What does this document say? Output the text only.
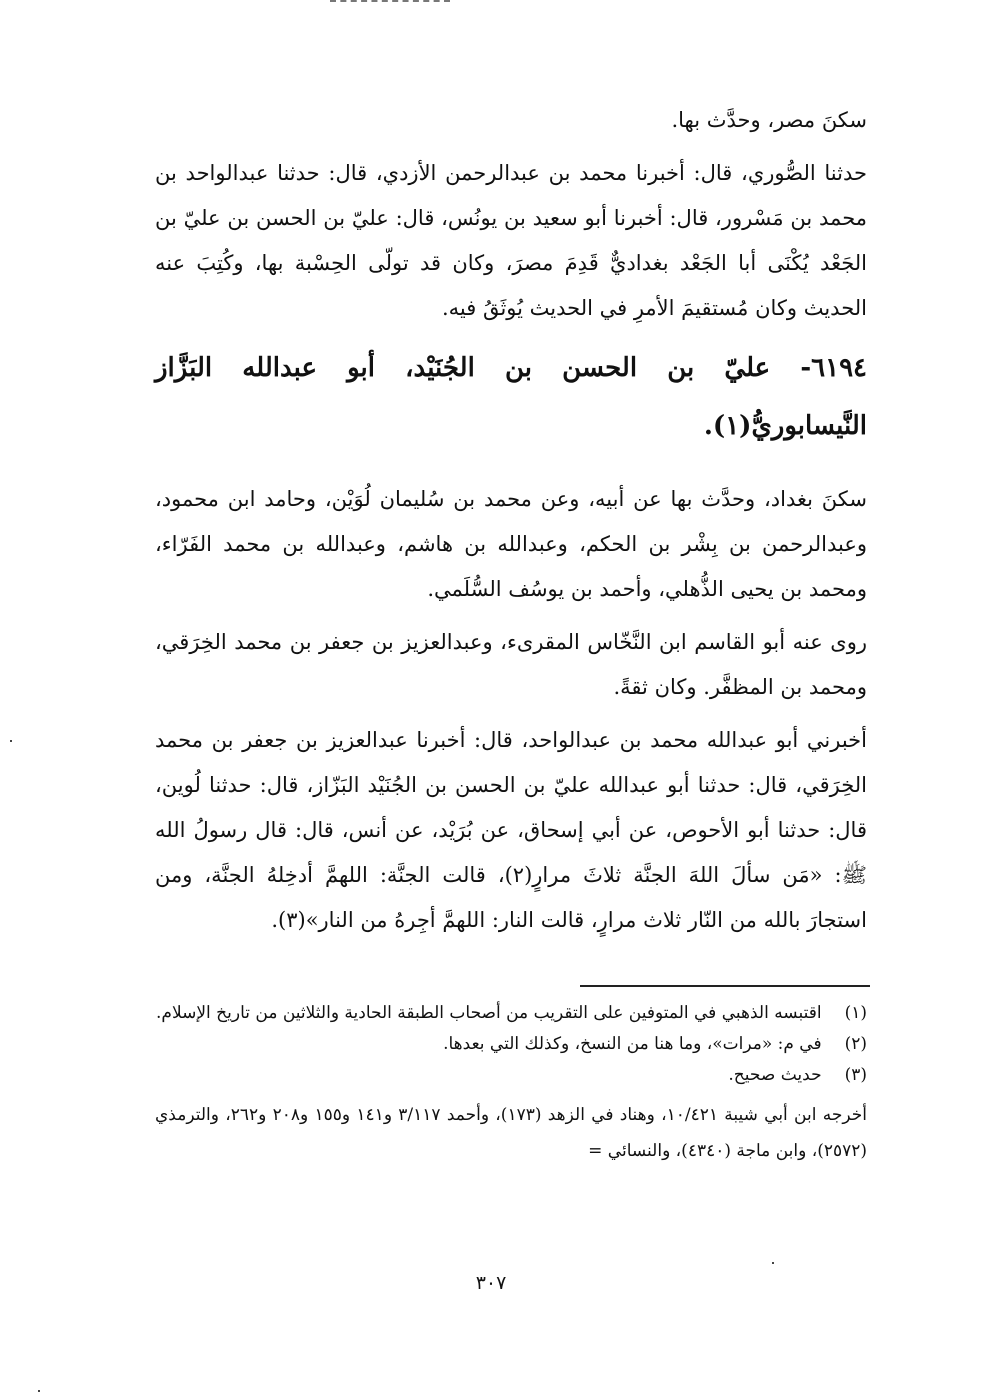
سكنَ مصر، وحدَّث بها.

حدثنا الصُّوري، قال: أخبرنا محمد بن عبدالرحمن الأزدي، قال: حدثنا عبدالواحد بن محمد بن مَسْرور، قال: أخبرنا أبو سعيد بن يونُس، قال: عليّ بن الحسن بن عليّ بن الجَعْد يُكْنَى أبا الجَعْد بغداديٌّ قَدِمَ مصرَ، وكان قد تولّى الحِسْبة بها، وكُتِبَ عنه الحديث وكان مُستقيمَ الأمرِ في الحديث يُوثَقُ فيه.

٦١٩٤- عليّ بن الحسن بن الجُنَيْد، أبو عبدالله البَزَّاز النَّيسابوريُّ(١).

سكنَ بغداد، وحدَّث بها عن أبيه، وعن محمد بن سُليمان لُوَيْن، وحامد ابن محمود، وعبدالرحمن بن بِشْر بن الحكم، وعبدالله بن هاشم، وعبدالله بن محمد الفَرّاء، ومحمد بن يحيى الذُّهلي، وأحمد بن يوسُف السُّلَمي.

روى عنه أبو القاسم ابن النَّخّاس المقرىء، وعبدالعزيز بن جعفر بن محمد الخِرَقي، ومحمد بن المظفَّر. وكان ثقةً.

أخبرني أبو عبدالله محمد بن عبدالواحد، قال: أخبرنا عبدالعزيز بن جعفر بن محمد الخِرَقي، قال: حدثنا أبو عبدالله عليّ بن الحسن بن الجُنَيْد البَزّاز، قال: حدثنا لُوين، قال: حدثنا أبو الأحوص، عن أبي إسحاق، عن بُرَيْد، عن أنس، قال: قال رسولُ الله ﷺ: «مَن سألَ اللهَ الجنَّة ثلاثَ مرارٍ(٢)، قالت الجنَّة: اللهمَّ أدخِلهُ الجنَّة، ومن استجارَ بالله من النّار ثلاث مرارٍ، قالت النار: اللهمَّ أجِرهُ من النار»(٣).

(١) اقتبسه الذهبي في المتوفين على التقريب من أصحاب الطبقة الحادية والثلاثين من تاريخ الإسلام.

(٢) في م: «مرات»، وما هنا من النسخ، وكذلك التي بعدها.

(٣) حديث صحيح.

أخرجه ابن أبي شيبة ١٠/٤٢١، وهناد في الزهد (١٧٣)، وأحمد ٣/١١٧ و١٤١ و١٥٥ و٢٠٨ و٢٦٢، والترمذي (٢٥٧٢)، وابن ماجة (٤٣٤٠)، والنسائي =

٣٠٧
